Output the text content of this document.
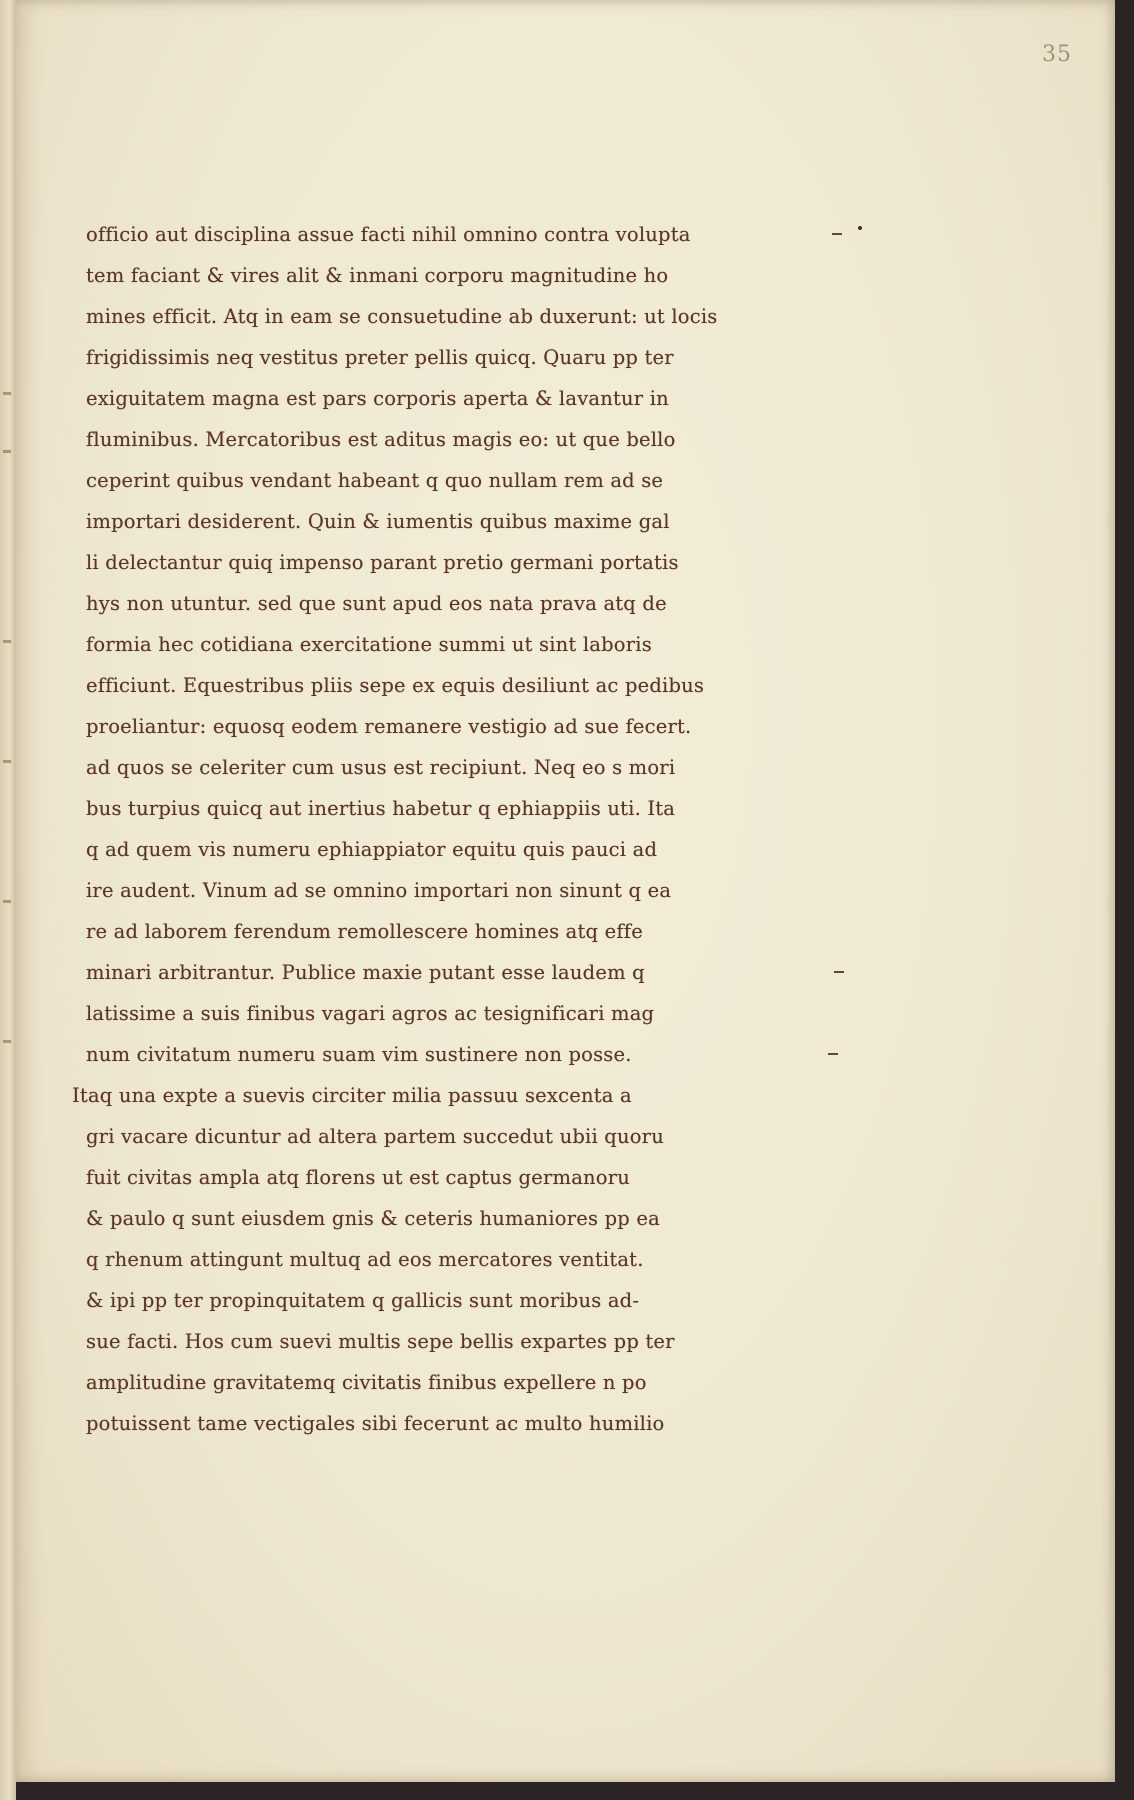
35
officio aut disciplina assue facti nihil omnino contra volupta
tem faciant & vires alit & inmani corporu magnitudine ho
mines efficit. Atq in eam se consuetudine ab duxerunt: ut locis
frigidissimis neq vestitus preter pellis quicq. Quaru pp ter
exiguitatem magna est pars corporis aperta & lavantur in
fluminibus. Mercatoribus est aditus magis eo: ut que bello
ceperint quibus vendant habeant q quo nullam rem ad se
importari desiderent. Quin & iumentis quibus maxime gal
li delectantur quiq impenso parant pretio germani portatis
hys non utuntur. sed que sunt apud eos nata prava atq de
formia hec cotidiana exercitatione summi ut sint laboris
efficiunt. Equestribus pliis sepe ex equis desiliunt ac pedibus
proeliantur: equosq eodem remanere vestigio ad sue fecert.
ad quos se celeriter cum usus est recipiunt. Neq eo s mori
bus turpius quicq aut inertius habetur q ephiappiis uti. Ita
q ad quem vis numeru ephiappiator equitu quis pauci ad
ire audent. Vinum ad se omnino importari non sinunt q ea
re ad laborem ferendum remollescere homines atq effe
minari arbitrantur. Publice maxie putant esse laudem q
latissime a suis finibus vagari agros ac tesignificari mag
num civitatum numeru suam vim sustinere non posse.
Itaq una expte a suevis circiter milia passuu sexcenta a
gri vacare dicuntur ad altera partem succedut ubii quoru
fuit civitas ampla atq florens ut est captus germanoru
& paulo q sunt eiusdem gnis & ceteris humaniores pp ea
q rhenum attingunt multuq ad eos mercatores ventitat.
& ipi pp ter propinquitatem q gallicis sunt moribus ad-
sue facti. Hos cum suevi multis sepe bellis expartes pp ter
amplitudine gravitatemq civitatis finibus expellere n po
potuissent tame vectigales sibi fecerunt ac multo humilio
